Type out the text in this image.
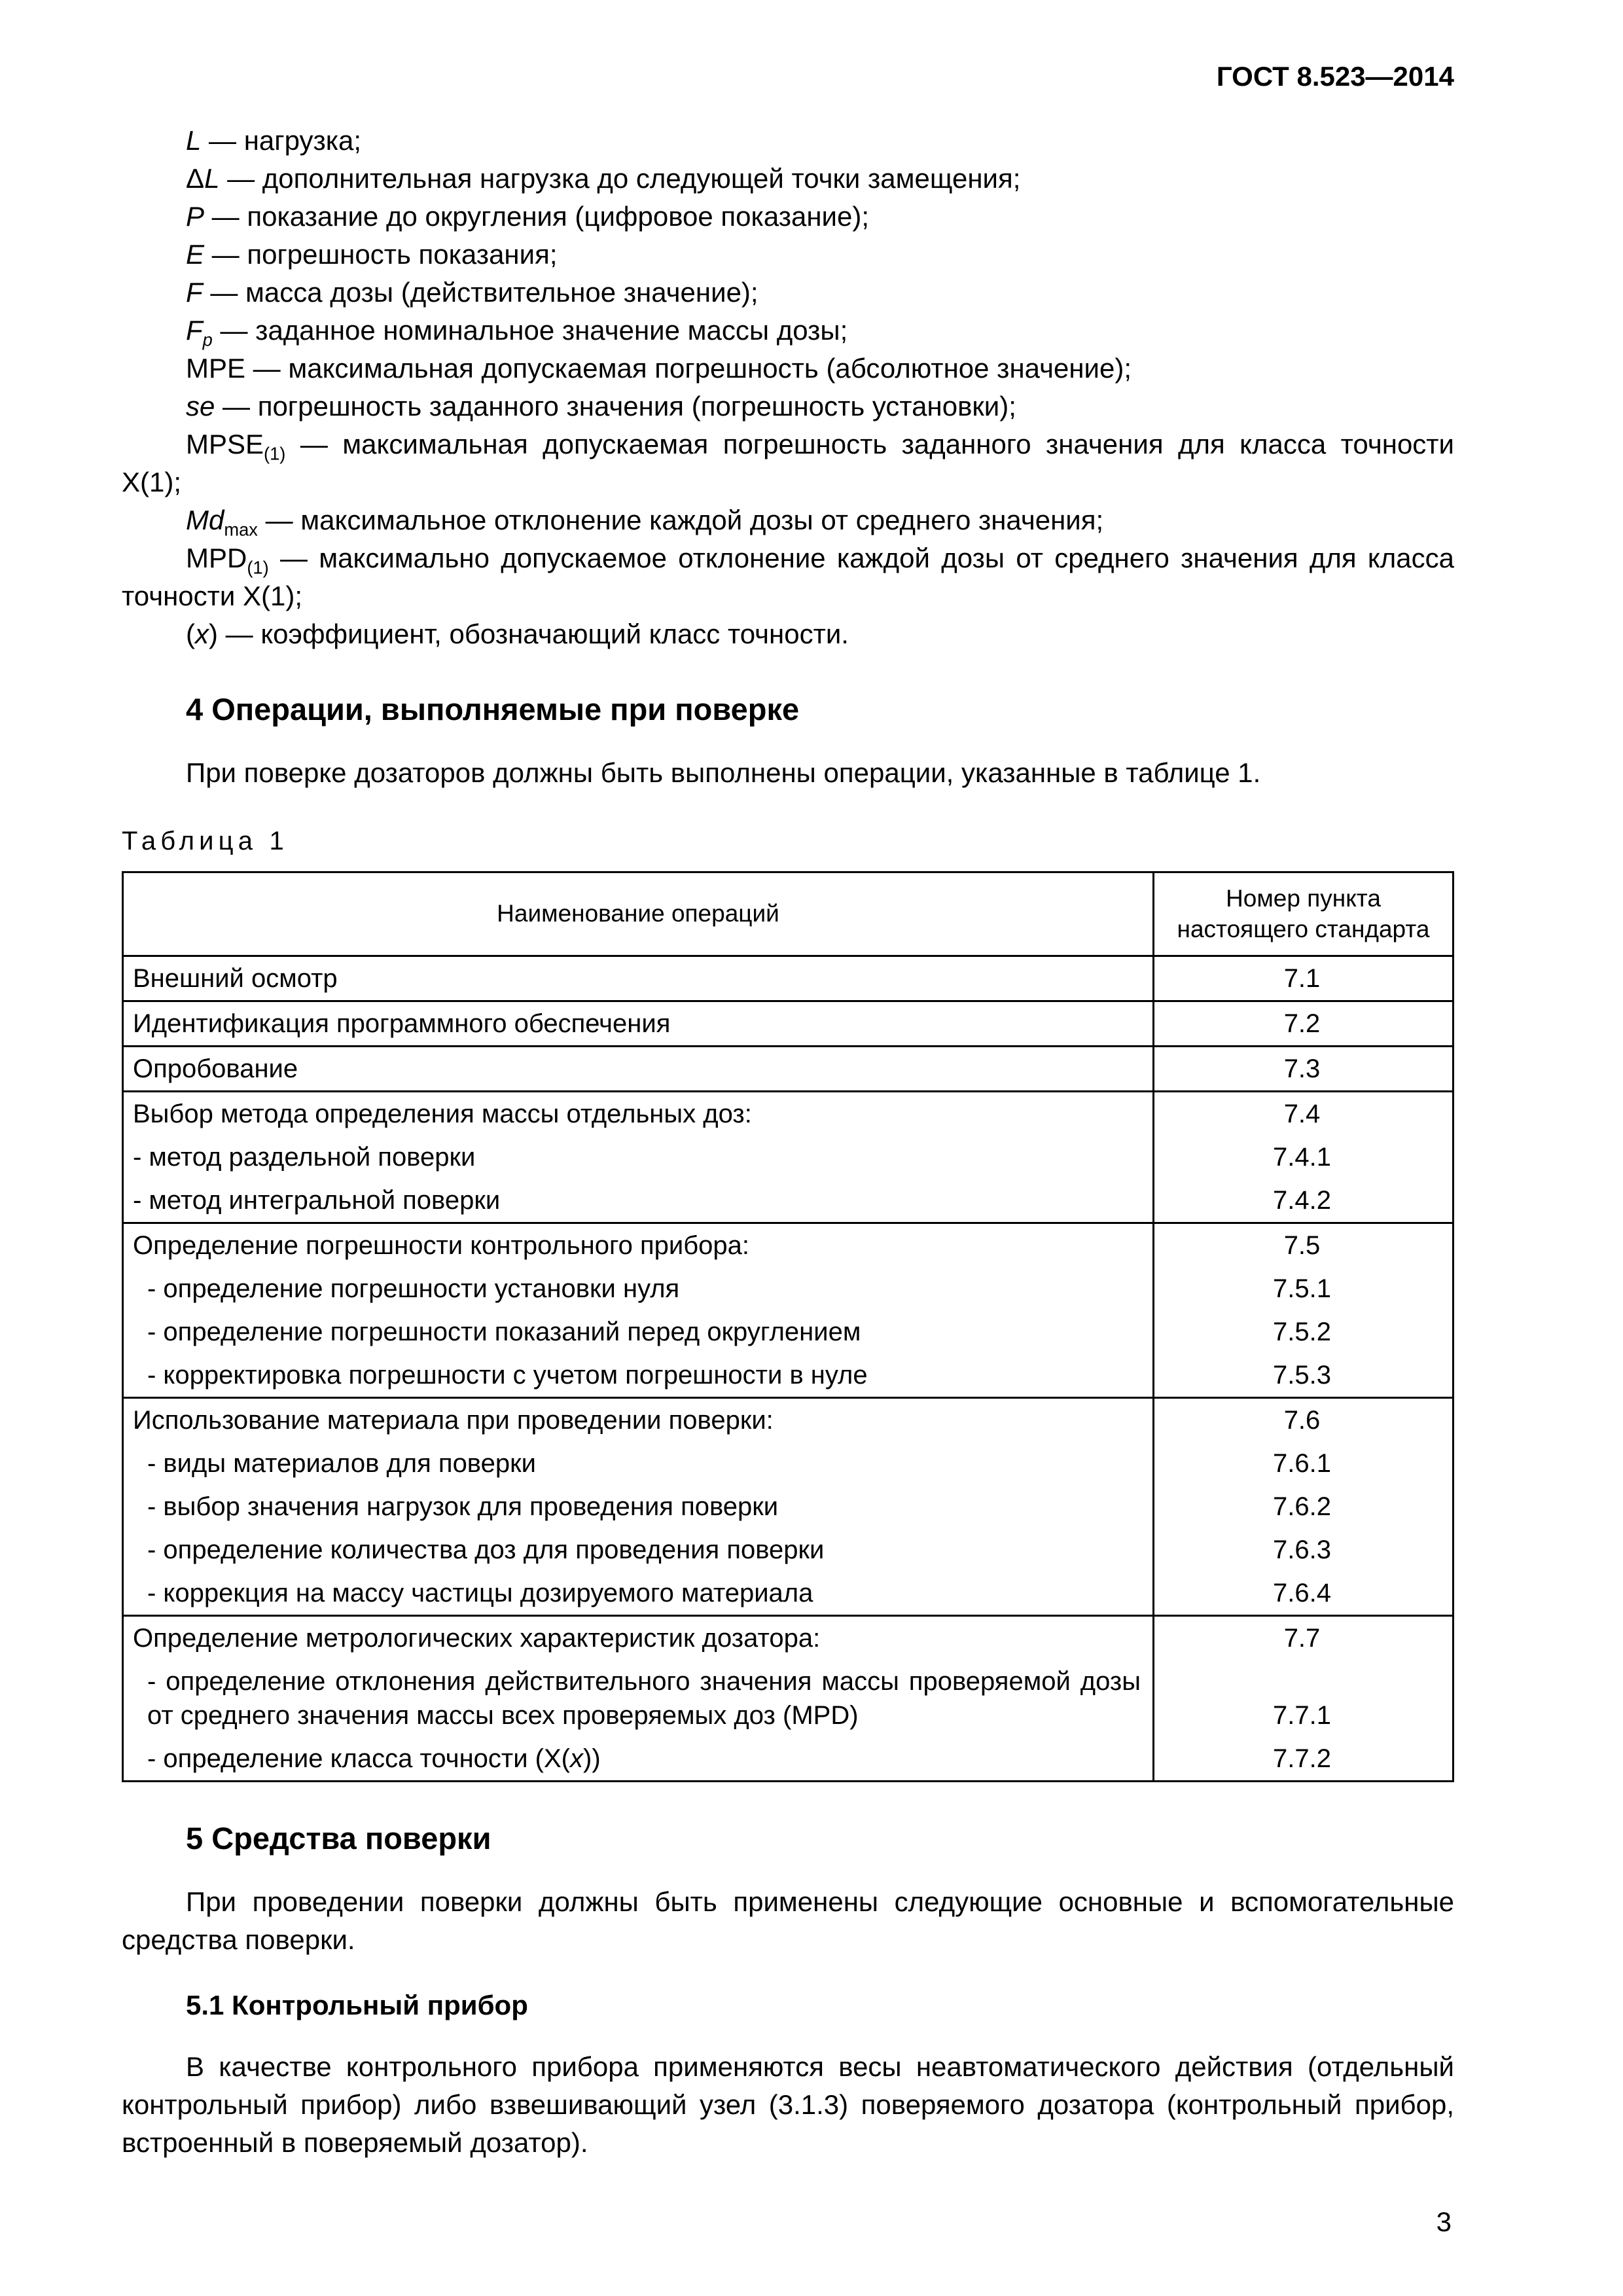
ГОСТ 8.523—2014

L — нагрузка;

ΔL — дополнительная нагрузка до следующей точки замещения;

P — показание до округления (цифровое показание);

E — погрешность показания;

F — масса дозы (действительное значение);

$F_p$ — заданное номинальное значение массы дозы;

MPE — максимальная допускаемая погрешность (абсолютное значение);

se — погрешность заданного значения (погрешность установки);

$MPSE_{(1)}$ — максимальная допускаемая погрешность заданного значения для класса точности Х(1);

$Md_{max}$ — максимальное отклонение каждой дозы от среднего значения;

$MPD_{(1)}$ — максимально допускаемое отклонение каждой дозы от среднего значения для класса точности Х(1);

(x) — коэффициент, обозначающий класс точности.

4 Операции, выполняемые при поверке

При поверке дозаторов должны быть выполнены операции, указанные в таблице 1.

Таблица 1
Наименование операций	Номер пункта настоящего стандарта
Внешний осмотр	7.1
Идентификация программного обеспечения	7.2
Опробование	7.3
Выбор метода определения массы отдельных доз:	7.4
- метод раздельной поверки	7.4.1
- метод интегральной поверки	7.4.2
Определение погрешности контрольного прибора:	7.5
- определение погрешности установки нуля	7.5.1
- определение погрешности показаний перед округлением	7.5.2
- корректировка погрешности с учетом погрешности в нуле	7.5.3
Использование материала при проведении поверки:	7.6
- виды материалов для поверки	7.6.1
- выбор значения нагрузок для проведения поверки	7.6.2
- определение количества доз для проведения поверки	7.6.3
- коррекция на массу частицы дозируемого материала	7.6.4
Определение метрологических характеристик дозатора:	7.7
- определение отклонения действительного значения массы проверяемой дозы от среднего значения массы всех проверяемых доз (MPD)	7.7.1
- определение класса точности (X(x))	7.7.2
5 Средства поверки

При проведении поверки должны быть применены следующие основные и вспомогательные средства поверки.

5.1 Контрольный прибор

В качестве контрольного прибора применяются весы неавтоматического действия (отдельный контрольный прибор) либо взвешивающий узел (3.1.3) поверяемого дозатора (контрольный прибор, встроенный в поверяемый дозатор).

3
